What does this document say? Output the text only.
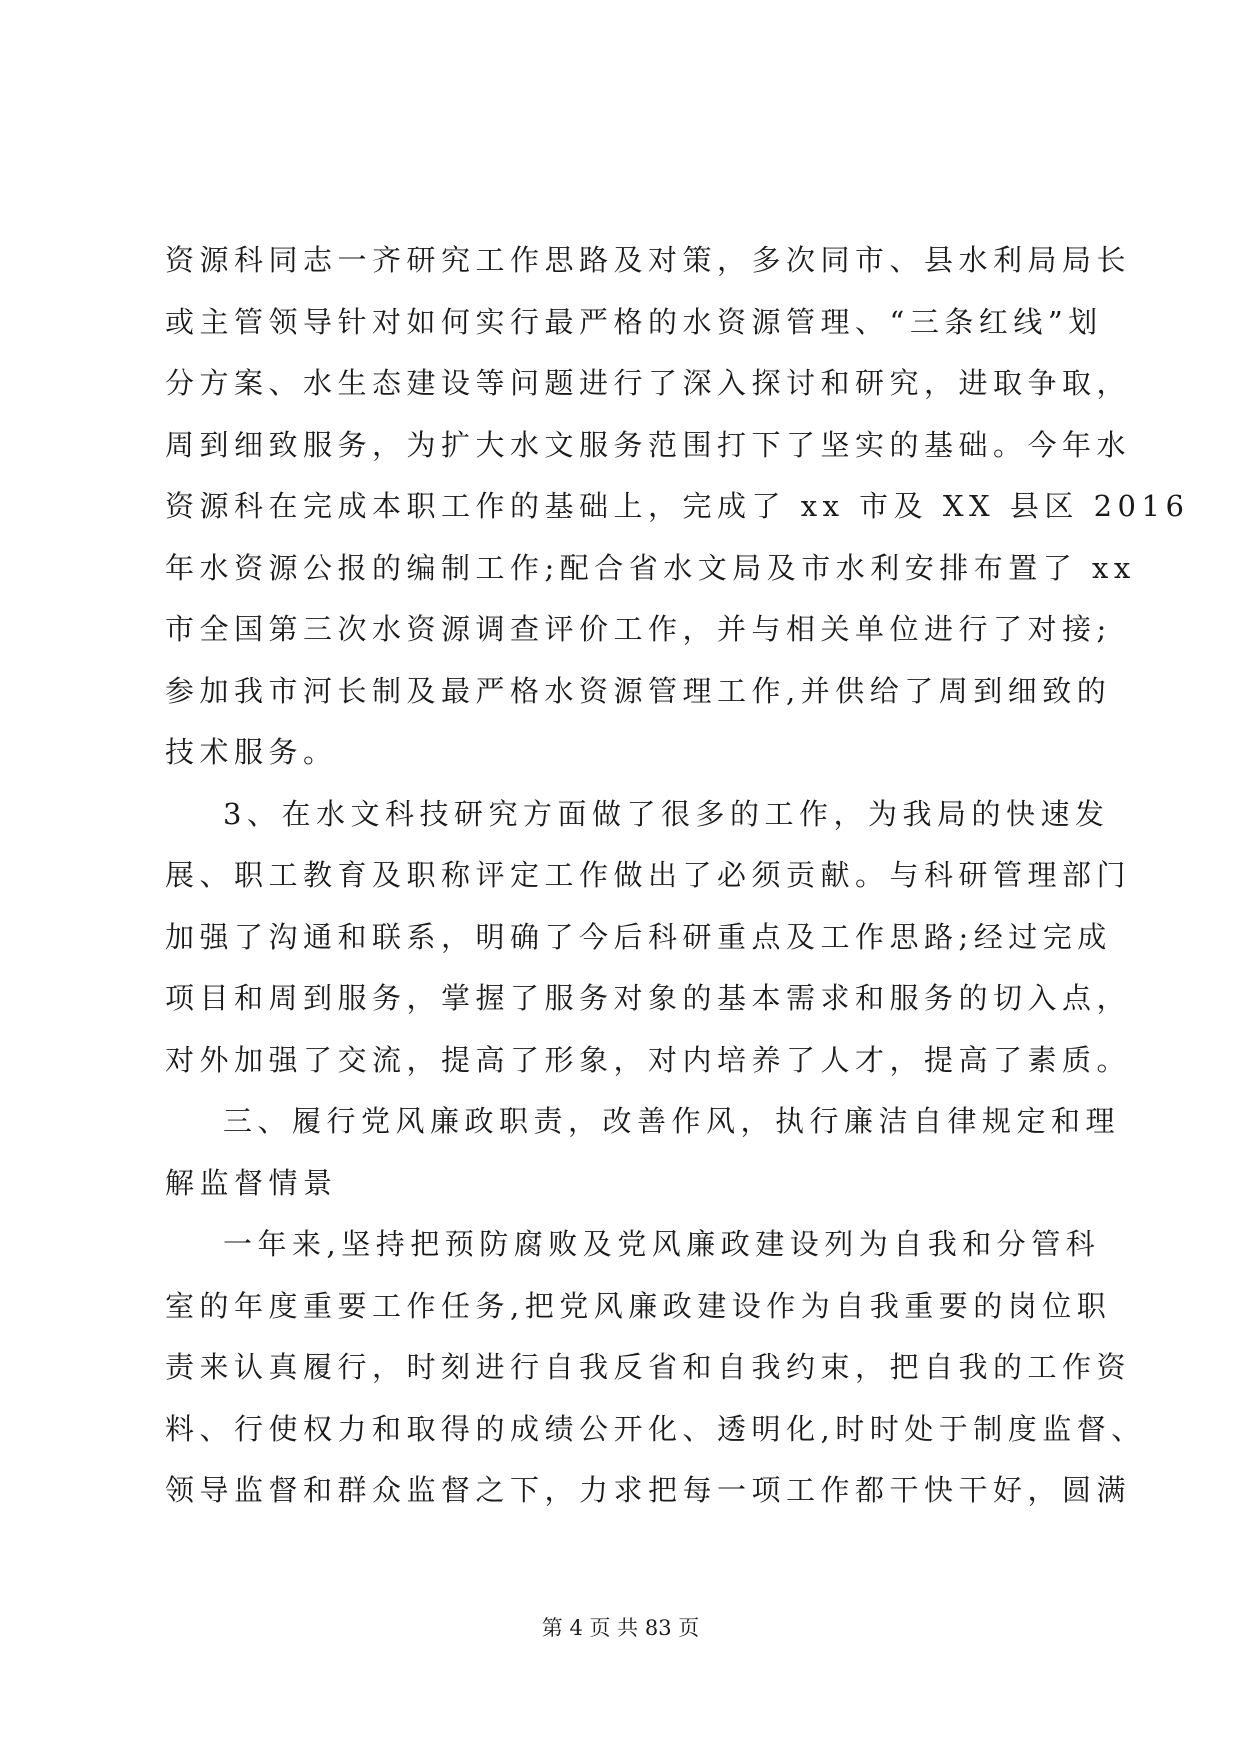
资源科同志一齐研究工作思路及对策，多次同市、县水利局局长
或主管领导针对如何实行最严格的水资源管理、“三条红线”划
分方案、水生态建设等问题进行了深入探讨和研究，进取争取，
周到细致服务，为扩大水文服务范围打下了坚实的基础。今年水
资源科在完成本职工作的基础上，完成了 xx 市及 XX 县区 2016
年水资源公报的编制工作;配合省水文局及市水利安排布置了 xx
市全国第三次水资源调查评价工作，并与相关单位进行了对接;
参加我市河长制及最严格水资源管理工作,并供给了周到细致的
技术服务。
3、在水文科技研究方面做了很多的工作，为我局的快速发
展、职工教育及职称评定工作做出了必须贡献。与科研管理部门
加强了沟通和联系，明确了今后科研重点及工作思路;经过完成
项目和周到服务，掌握了服务对象的基本需求和服务的切入点，
对外加强了交流，提高了形象，对内培养了人才，提高了素质。
三、履行党风廉政职责，改善作风，执行廉洁自律规定和理
解监督情景
一年来,坚持把预防腐败及党风廉政建设列为自我和分管科
室的年度重要工作任务,把党风廉政建设作为自我重要的岗位职
责来认真履行，时刻进行自我反省和自我约束，把自我的工作资
料、行使权力和取得的成绩公开化、透明化,时时处于制度监督、
领导监督和群众监督之下，力求把每一项工作都干快干好，圆满
第 4 页 共 83 页
